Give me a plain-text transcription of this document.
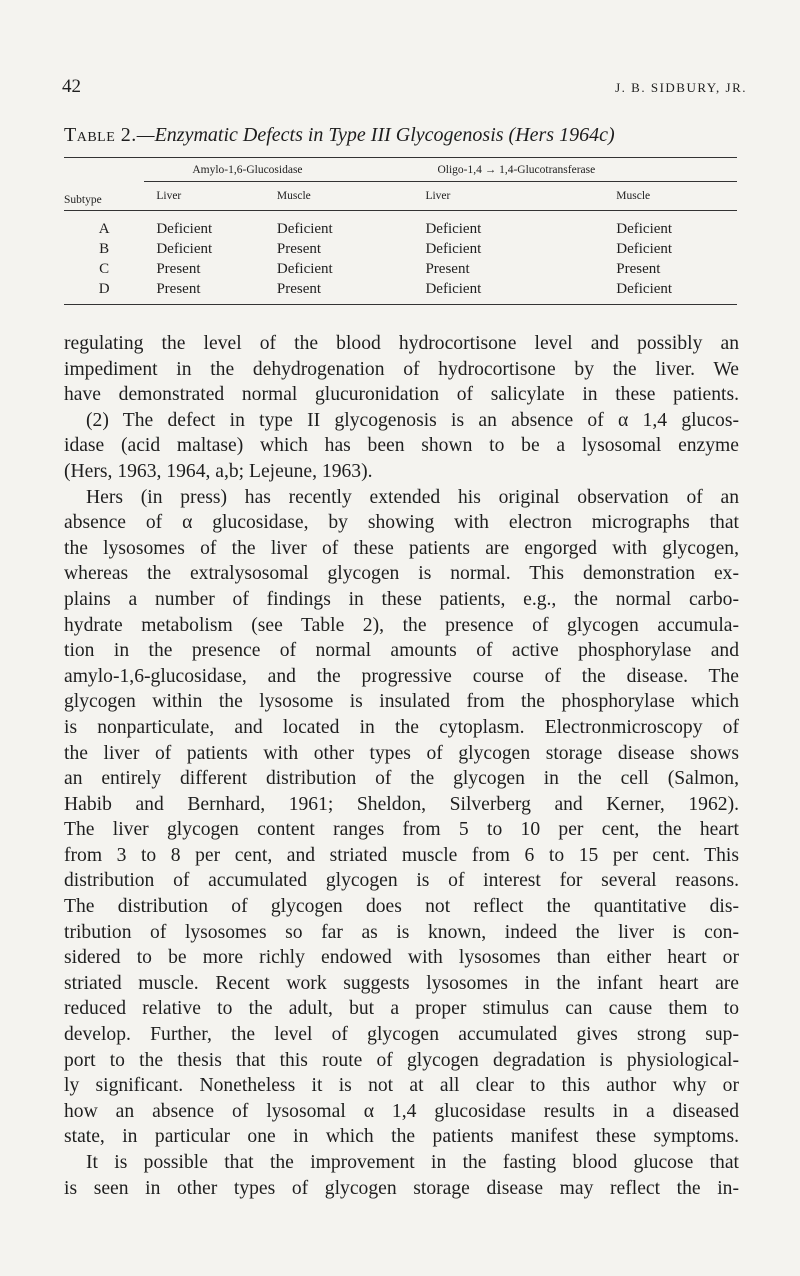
42	J. B. SIDBURY, JR.
Table 2.—Enzymatic Defects in Type III Glycogenosis (Hers 1964c)
Subtype	Amylo-1,6-Glucosidase		Oligo-1,4 → 1,4-Glucotransferase	
	Liver	Muscle	Liver	Muscle
A	Deficient	Deficient	Deficient	Deficient
B	Deficient	Present	Deficient	Deficient
C	Present	Deficient	Present	Present
D	Present	Present	Deficient	Deficient

regulating the level of the blood hydrocortisone level and possibly an

impediment in the dehydrogenation of hydrocortisone by the liver. We

have demonstrated normal glucuronidation of salicylate in these patients.

(2) The defect in type II glycogenosis is an absence of α 1,4 glucos-

idase (acid maltase) which has been shown to be a lysosomal enzyme

(Hers, 1963, 1964, a,b; Lejeune, 1963).

Hers (in press) has recently extended his original observation of an

absence of α glucosidase, by showing with electron micrographs that

the lysosomes of the liver of these patients are engorged with glycogen,

whereas the extralysosomal glycogen is normal. This demonstration ex-

plains a number of findings in these patients, e.g., the normal carbo-

hydrate metabolism (see Table 2), the presence of glycogen accumula-

tion in the presence of normal amounts of active phosphorylase and

amylo-1,6-glucosidase, and the progressive course of the disease. The

glycogen within the lysosome is insulated from the phosphorylase which

is nonparticulate, and located in the cytoplasm. Electronmicroscopy of

the liver of patients with other types of glycogen storage disease shows

an entirely different distribution of the glycogen in the cell (Salmon,

Habib and Bernhard, 1961; Sheldon, Silverberg and Kerner, 1962).

The liver glycogen content ranges from 5 to 10 per cent, the heart

from 3 to 8 per cent, and striated muscle from 6 to 15 per cent. This

distribution of accumulated glycogen is of interest for several reasons.

The distribution of glycogen does not reflect the quantitative dis-

tribution of lysosomes so far as is known, indeed the liver is con-

sidered to be more richly endowed with lysosomes than either heart or

striated muscle. Recent work suggests lysosomes in the infant heart are

reduced relative to the adult, but a proper stimulus can cause them to

develop. Further, the level of glycogen accumulated gives strong sup-

port to the thesis that this route of glycogen degradation is physiological-

ly significant. Nonetheless it is not at all clear to this author why or

how an absence of lysosomal α 1,4 glucosidase results in a diseased

state, in particular one in which the patients manifest these symptoms.

It is possible that the improvement in the fasting blood glucose that

is seen in other types of glycogen storage disease may reflect the in-
